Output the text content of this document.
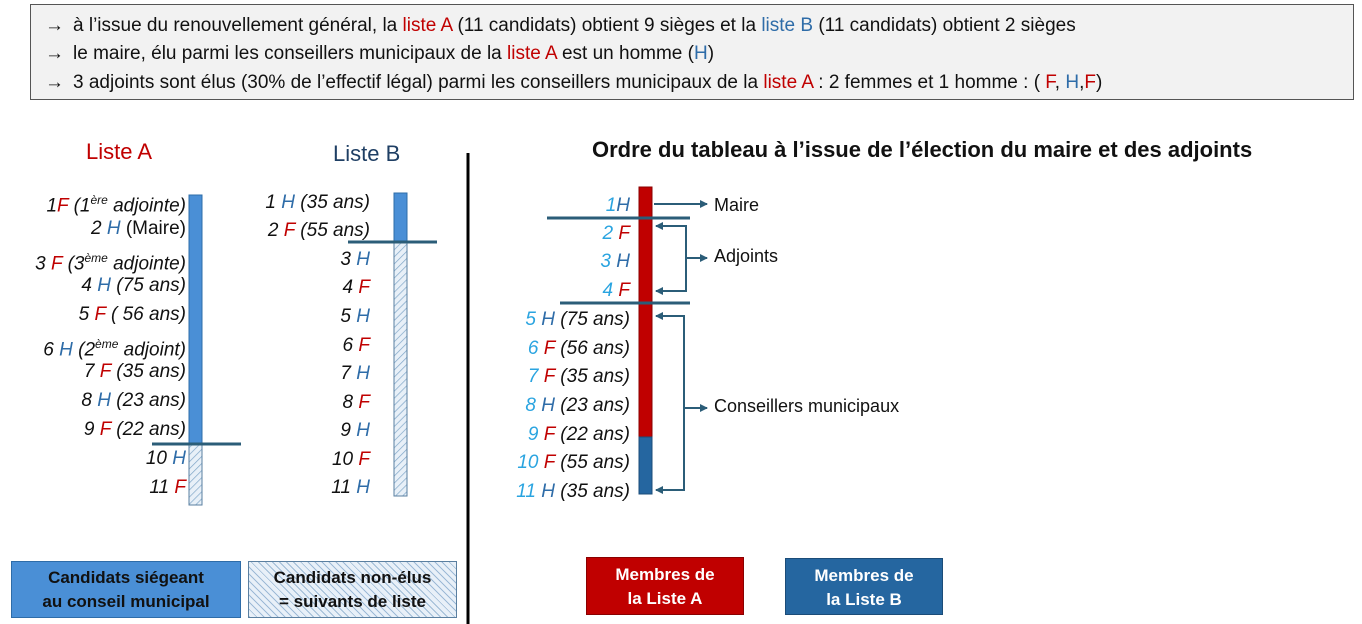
→ à l’issue du renouvellement général, la liste A (11 candidats) obtient 9 sièges et la liste B (11 candidats) obtient 2 sièges
→ le maire, élu parmi les conseillers municipaux de la liste A est un homme (H)
→ 3 adjoints sont élus (30% de l’effectif légal) parmi les conseillers municipaux de la liste A : 2 femmes et 1 homme : ( F, H,F)
Liste A	Liste B	Ordre du tableau à l’issue de l’élection du maire et des adjoints
1F (1ère adjointe)
2 H (Maire)
3 F (3ème adjointe)
4 H (75 ans)
5 F ( 56 ans)
6 H (2ème adjoint)
7 F (35 ans)
8 H (23 ans)
9 F (22 ans)
10 H
11 F
1 H (35 ans)
2 F (55 ans)
3 H
4 F
5 H
6 F
7 H
8 F
9 H
10 F
11 H
1H
2 F
3 H
4 F
5 H (75 ans)
6 F (56 ans)
7 F (35 ans)
8 H (23 ans)
9 F (22 ans)
10 F (55 ans)
11 H (35 ans)
Maire
Adjoints
Conseillers municipaux
Candidats siégeant
au conseil municipal
Candidats non-élus
= suivants de liste
Membres de
la Liste A
Membres de
la Liste B
